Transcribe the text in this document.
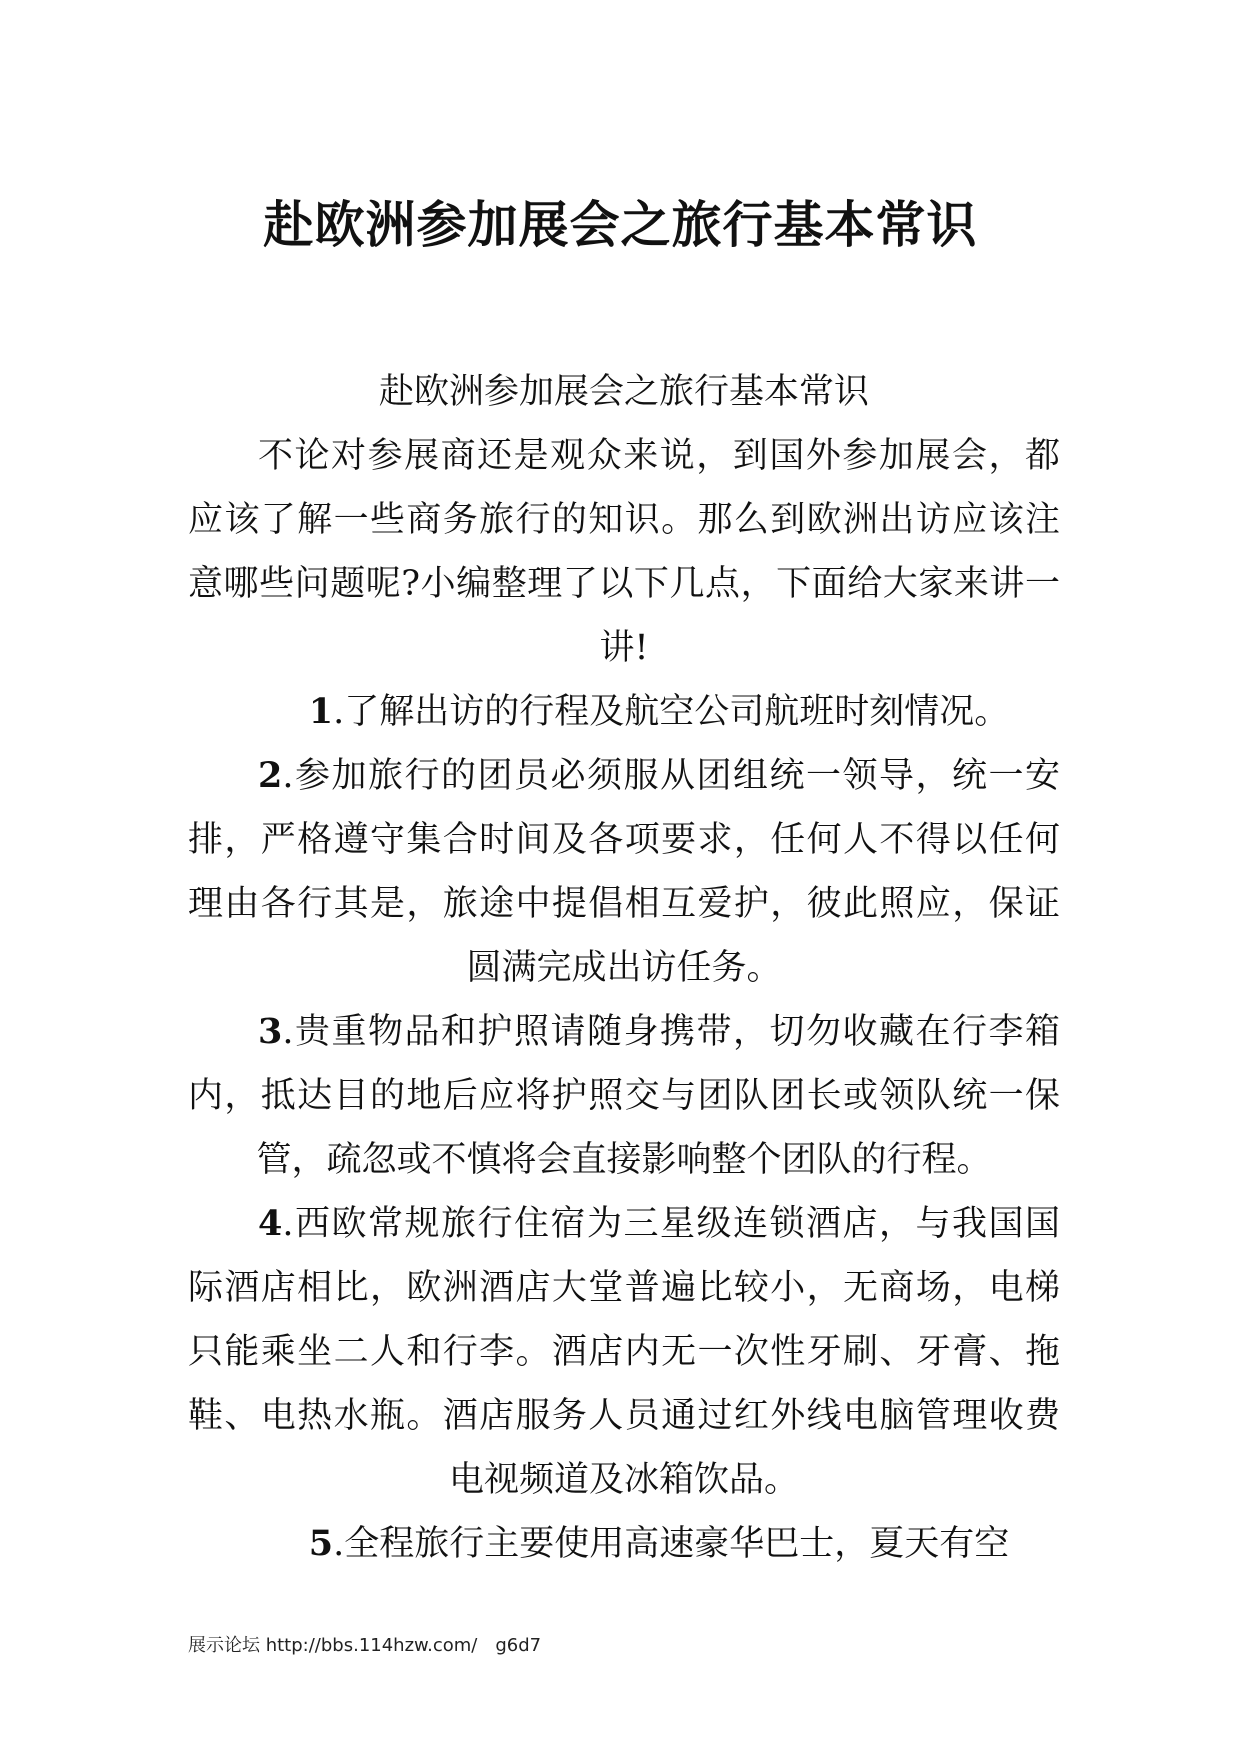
赴欧洲参加展会之旅行基本常识
赴欧洲参加展会之旅行基本常识

不论对参展商还是观众来说，到国外参加展会，都应该了解一些商务旅行的知识。那么到欧洲出访应该注意哪些问题呢?小编整理了以下几点，下面给大家来讲一讲!

1.了解出访的行程及航空公司航班时刻情况。

2.参加旅行的团员必须服从团组统一领导，统一安排，严格遵守集合时间及各项要求，任何人不得以任何理由各行其是，旅途中提倡相互爱护，彼此照应，保证圆满完成出访任务。

3.贵重物品和护照请随身携带，切勿收藏在行李箱内，抵达目的地后应将护照交与团队团长或领队统一保管，疏忽或不慎将会直接影响整个团队的行程。

4.西欧常规旅行住宿为三星级连锁酒店，与我国国际酒店相比，欧洲酒店大堂普遍比较小，无商场，电梯只能乘坐二人和行李。酒店内无一次性牙刷、牙膏、拖鞋、电热水瓶。酒店服务人员通过红外线电脑管理收费电视频道及冰箱饮品。

5.全程旅行主要使用高速豪华巴士，夏天有空

展示论坛 http://bbs.114hzw.com/ g6d7
